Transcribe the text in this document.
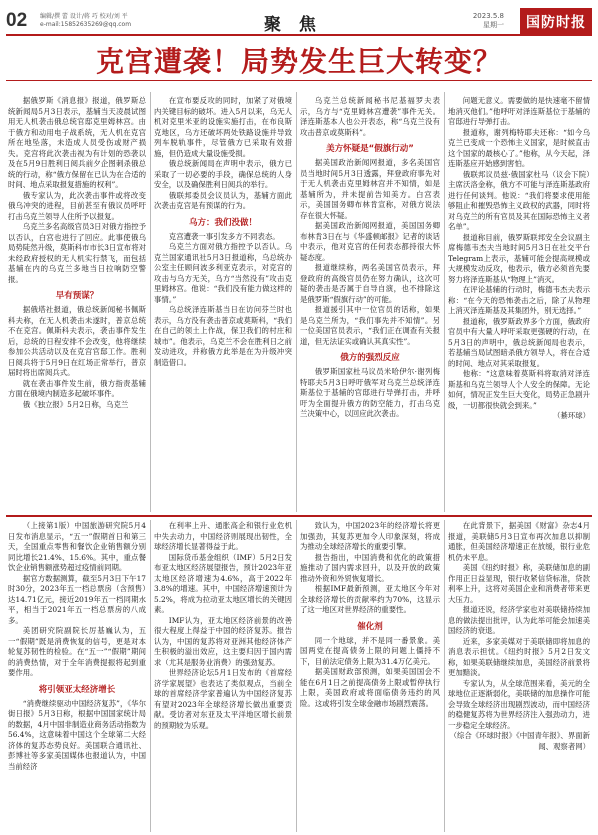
02 编辑/撰 蕾 设计/蒋 巧 校对/刘 平
e-mail:15852635269@qq.com	聚 焦	2023.5.8
星期一	国防时报
克宫遭袭！局势发生巨大转变？

据俄罗斯《消息报》报道，俄罗斯总统新闻局5月3日表示，基辅当天凌晨试图用无人机袭击俄总统官邸克里姆林宫。由于俄方和动用电子战系统，无人机在克宫所在地坠落，未造成人员受伤或财产损失。克宫将此次袭击视为有计划的恐袭以及在5月9日胜利日阅兵前夕企图刺杀俄总统的行动，称“俄方保留在已认为在合适的时间、地点采取报复措施的权利”。

俄专家认为，此次袭击事件或将改变俄乌冲突的进程，目前甚至有俄议员呼吁打击乌克兰领导人住所予以报复。

乌克兰多名高级官员3日对俄方指控予以否认，白宫也进行了回应。此事使俄乌局势陡然升级，莫斯科市市长3日宣布将对未经政府授权的无人机实行禁飞，而包括基辅在内的乌克兰多地当日拉响防空警报。

早有预谋？

据俄塔社报道，俄总统新闻秘书佩斯科夫称，在无人机袭击未遂时，普京总统不在克宫。佩斯科夫表示，袭击事件发生后，总统的日程安排不会改变，他将继续参加公共活动以及在克宫官邸工作。胜利日阅兵将于5月9日在红场正常举行，普京届时将出席阅兵式。

就在袭击事件发生前，俄方指责基辅方面在俄境内制造多起破坏事件。

俄《独立报》5月2日称，乌克兰

在宣布要反攻的同时，加紧了对俄境内关键目标的破坏。进入5月以来，乌无人机对克里米亚的设施实施打击，在布良斯克地区，乌方还破坏两处铁路设施并导致列车脱轨事件，尽管俄方已采取有效措施，但仍造成大量设施受损。

俄总统新闻局在声明中表示，俄方已采取了一切必要的手段，确保总统的人身安全，以及确保胜利日阅兵的举行。

俄联邦委员会议员认为，基辅方面此次袭击克宫是有预谋的行为。

乌方：我们没做！

克宫遭袭一事引发多方不同表态。

乌克兰方面对俄方指控予以否认。乌克兰国家通讯社5月3日报道称，乌总统办公室主任顾问波多利亚克表示，对克宫的攻击与乌方无关，乌方“当然没有”攻击克里姆林宫。他说：“我们没有能力做这样的事情。”

乌总统泽连斯基当日在访问芬兰时也表示，乌方没有袭击普京或莫斯科，“我们在自己的领土上作战，保卫我们的村庄和城市”。他表示，乌克兰不会在胜利日之前发动进攻，并称俄方此举是在为升级冲突制造借口。

乌克兰总统新闻秘书尼基福罗夫表示，乌方与“克里姆林宫遭袭”事件无关。泽连斯基本人也公开表态，称“乌克兰没有攻击普京或莫斯科”。

美方怀疑是“假旗行动”

据美国政治新闻网报道，多名美国官员当地时间5月3日透露，拜登政府事先对于无人机袭击克里姆林宫并不知情，如是基辅所为，并未提前告知美方。白宫表示，美国国务卿布林肯宣称，对俄方说法存在很大怀疑。

据美国政治新闻网报道，美国国务卿布林肯3日在与《华盛顿邮报》记者的谈话中表示，他对克宫的任何表态都持很大怀疑态度。

报道继续称，两名美国官员表示，拜登政府的高级官员仍在努力确认，这次可疑的袭击是否属于自导自演，也不排除这是俄罗斯“假旗行动”的可能。

报道援引其中一位官员的话称，如果是乌克兰所为，“我们事先并不知情”。另一位美国官员表示，“我们正在调查有关报道，但无法证实或确认其真实性”。

俄方的强烈反应

俄罗斯国家杜马议员米哈伊尔·谢列梅特耶夫5月3日呼吁俄军对乌克兰总统泽连斯基位于基辅的官邸进行导弹打击，并呼吁为全面提升俄方的防空能力，打击乌克兰决策中心，以回应此次袭击。

问题无意义。需要做的是快速毫不留情地消灭他们。”他呼吁对泽连斯基位于基辅的官邸进行导弹打击。

报道称，谢列梅特耶夫还称：“如今乌克兰已变成一个恐怖主义国家，是时候直击这个国家的最核心了。”他称，从今天起，泽连斯基应开始感到害怕。

俄联邦议员兹·俄国家杜马（议会下院）主席沃洛金称，俄方不可能与泽连斯基政府进行任何谈判。他说：“我们将要求使用能够阻止和摧毁恐怖主义政权的武器，同时将对乌克兰的所有官员及其在国际恐怖主义者名单”。

报道称目前，俄罗斯联邦安全会议副主席梅德韦杰夫当地时间5月3日在社交平台Telegram上表示，基辅可能会提高规模或大规模发动反攻，他表示，俄方必须首先要努力将泽连斯基从“物理上”消灭。

在评论基辅的行动时，梅德韦杰夫表示称：“在今天的恐怖袭击之后，除了从物理上消灭泽连斯基及其集团外，别无选择。”

报道称，俄罗斯政界多个方面，俄政府官员中有大量人呼吁采取更强硬的行动，在5月3日的声明中，俄总统新闻局也表示，若基辅当局试图暗杀俄方领导人，将在合适的时间、地点对其采取报复。

他称：“这意味着莫斯科将取消对泽连斯基和乌克兰领导人个人安全的保障。无论如何，情况正发生巨大变化，局势正急剧升级，一切都很快就会到来。”

（綦环球）

（上接第1版）中国旅游研究院5月4日发布消息显示，“五一”假期首日和第三天，全国重点零售和餐饮企业销售额分别同比增长21.4%、15.6%。其中，重点餐饮企业销售额涨势超过疫情前同期。

据官方数据测算，截至5月3日下午17时30分，2023年五一档总票房（含预售）达14.71亿元，接近2019年五一档同期水平，相当于2021年五一档总票房的八成多。

美团研究院副院长厉基巍认为，五一“假期”既是消费恢复的信号，更是对本轮复苏韧性的检验。在“五一”“假期”期间的消费热情，对于全年消费提振将起到重要作用。

将引领亚太经济增长

“消费继续驱动中国经济复苏”，《华尔街日报》5月3日称，根据中国国家统计局的数据，4月中国非制造业商务活动指数为56.4%，这意味着中国这个全球第二大经济体的复苏态势良好。美国联合通讯社、彭博社等多家美国媒体也报道认为，中国当前经济

在利率上升、通胀高企和银行业危机中失去动力，中国经济则展现出韧性，全球经济增长显著得益于此。

国际货币基金组织（IMF）5月2日发布亚太地区经济展望报告，预计2023年亚太地区经济增速为4.6%，高于2022年3.8%的增速。其中，中国经济增速预计为5.2%，将成为拉动亚太地区增长的关键因素。

IMF认为，亚太地区经济前景的改善很大程度上得益于中国的经济复苏。报告认为，中国的复苏将对亚洲其他经济体产生积极的溢出效应，这主要归因于国内需求（尤其是服务业消费）的强劲复苏。

世界经济论坛5月1日发布的《首席经济学家展望》也表达了类似观点，当前全球的首席经济学家普遍认为中国经济复苏有望对2023年全球经济增长做出重要贡献。受访者对东亚及太平洋地区增长前景的预期较为乐观。

致认为，中国2023年的经济增长将更加强劲，其复苏更加令人印象深刻，将成为推动全球经济增长的重要引擎。

报告指出，中国消费和优化的政策措施推动了国内需求回升，以及开放的政策推动外资和外贸恢复增长。

根据IMF最新预测，亚太地区今年对全球经济增长的贡献率约为70%，这显示了这一地区对世界经济的重要性。

催化剂

同一个地球，并不是同一番景象。美国两党在提高债务上限的问题上僵持不下，目前法定债务上限为31.4万亿美元。

据美国财政部预测，如果美国国会不能在6月1日之前提高债务上限或暂停执行上限，美国政府或将面临债务违约的风险。这或将引发全球金融市场剧烈震荡。

在此背景下，据美国《财富》杂志4月报道，美联储5月3日宣布再次加息以抑制通胀，但美国经济增速正在放缓，银行业危机仍未平息。

美国《纽约时报》称，美联储加息的副作用正日益显现，银行收紧信贷标准，贷款利率上升，这将对美国企业和消费者带来更大压力。

报道还说，经济学家也对美联储持续加息的做法提出批评，认为此举可能会加速美国经济的衰退。

近来，多家美媒对于美联储即将加息的消息表示担忧。《纽约时报》5月2日发文称，如果美联储继续加息，美国经济前景将更加黯淡。

专家认为，从全球范围来看，美元的全球地位正逐渐弱化，美联储的加息操作可能会导致全球经济出现剧烈波动，而中国经济的稳健复苏将为世界经济注入强劲动力，进一步稳定全球经济。

（综合《环球时报》《中国青年报》、界面新闻、观察者网）
